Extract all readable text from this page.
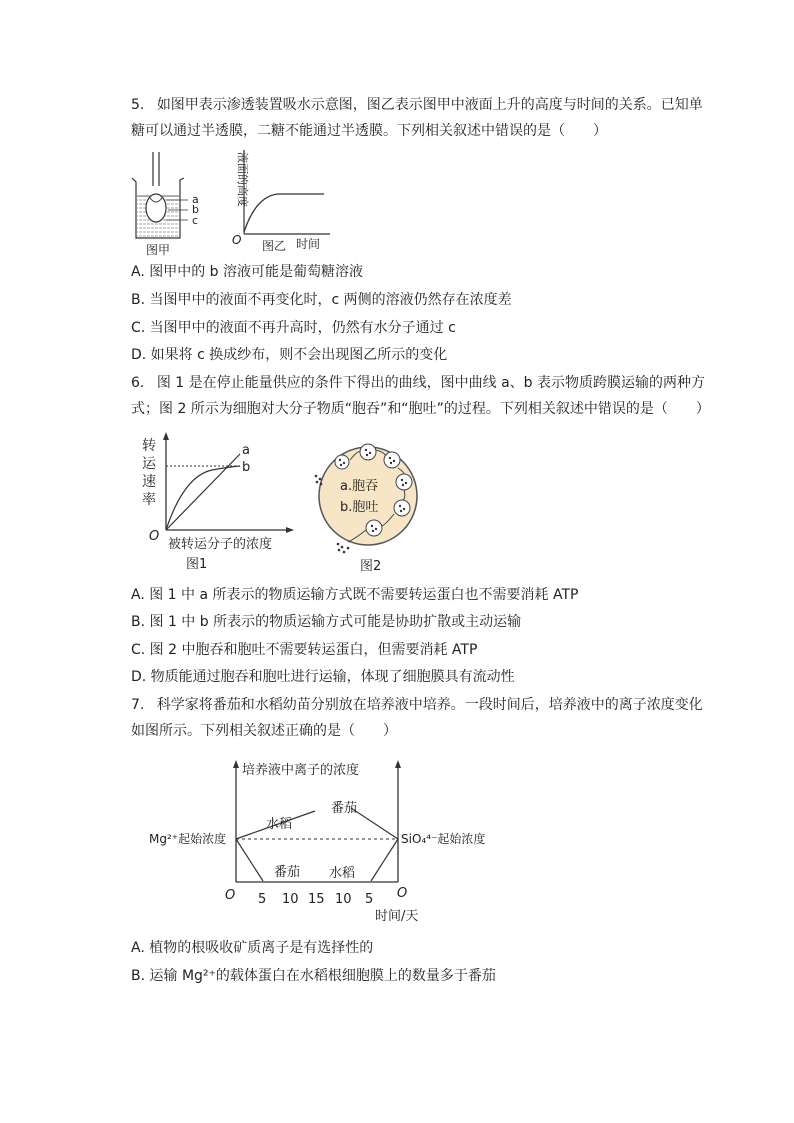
5. 如图甲表示渗透装置吸水示意图，图乙表示图甲中液面上升的高度与时间的关系。已知单
糖可以通过半透膜，二糖不能通过半透膜。下列相关叙述中错误的是（　　）
a
b
c
图甲
液面的高度
O 图乙 时间
A. 图甲中的 b 溶液可能是葡萄糖溶液
B. 当图甲中的液面不再变化时，c 两侧的溶液仍然存在浓度差
C. 当图甲中的液面不再升高时，仍然有水分子通过 c
D. 如果将 c 换成纱布，则不会出现图乙所示的变化
6. 图 1 是在停止能量供应的条件下得出的曲线，图中曲线 a、b 表示物质跨膜运输的两种方
式；图 2 所示为细胞对大分子物质“胞吞”和“胞吐”的过程。下列相关叙述中错误的是（　　）
转
运
速
率
a
b
O
被转运分子的浓度
图1
a.胞吞
b.胞吐
图2
A. 图 1 中 a 所表示的物质运输方式既不需要转运蛋白也不需要消耗 ATP
B. 图 1 中 b 所表示的物质运输方式可能是协助扩散或主动运输
C. 图 2 中胞吞和胞吐不需要转运蛋白，但需要消耗 ATP
D. 物质能通过胞吞和胞吐进行运输，体现了细胞膜具有流动性
7. 科学家将番茄和水稻幼苗分别放在培养液中培养。一段时间后，培养液中的离子浓度变化
如图所示。下列相关叙述正确的是（　　）
培养液中离子的浓度
Mg²⁺起始浓度	SiO₄⁴⁻起始浓度
水稻
番茄
番茄
水稻
O	O
5 10 15 10 5
时间/天
A. 植物的根吸收矿质离子是有选择性的
B. 运输 Mg²⁺的载体蛋白在水稻根细胞膜上的数量多于番茄
